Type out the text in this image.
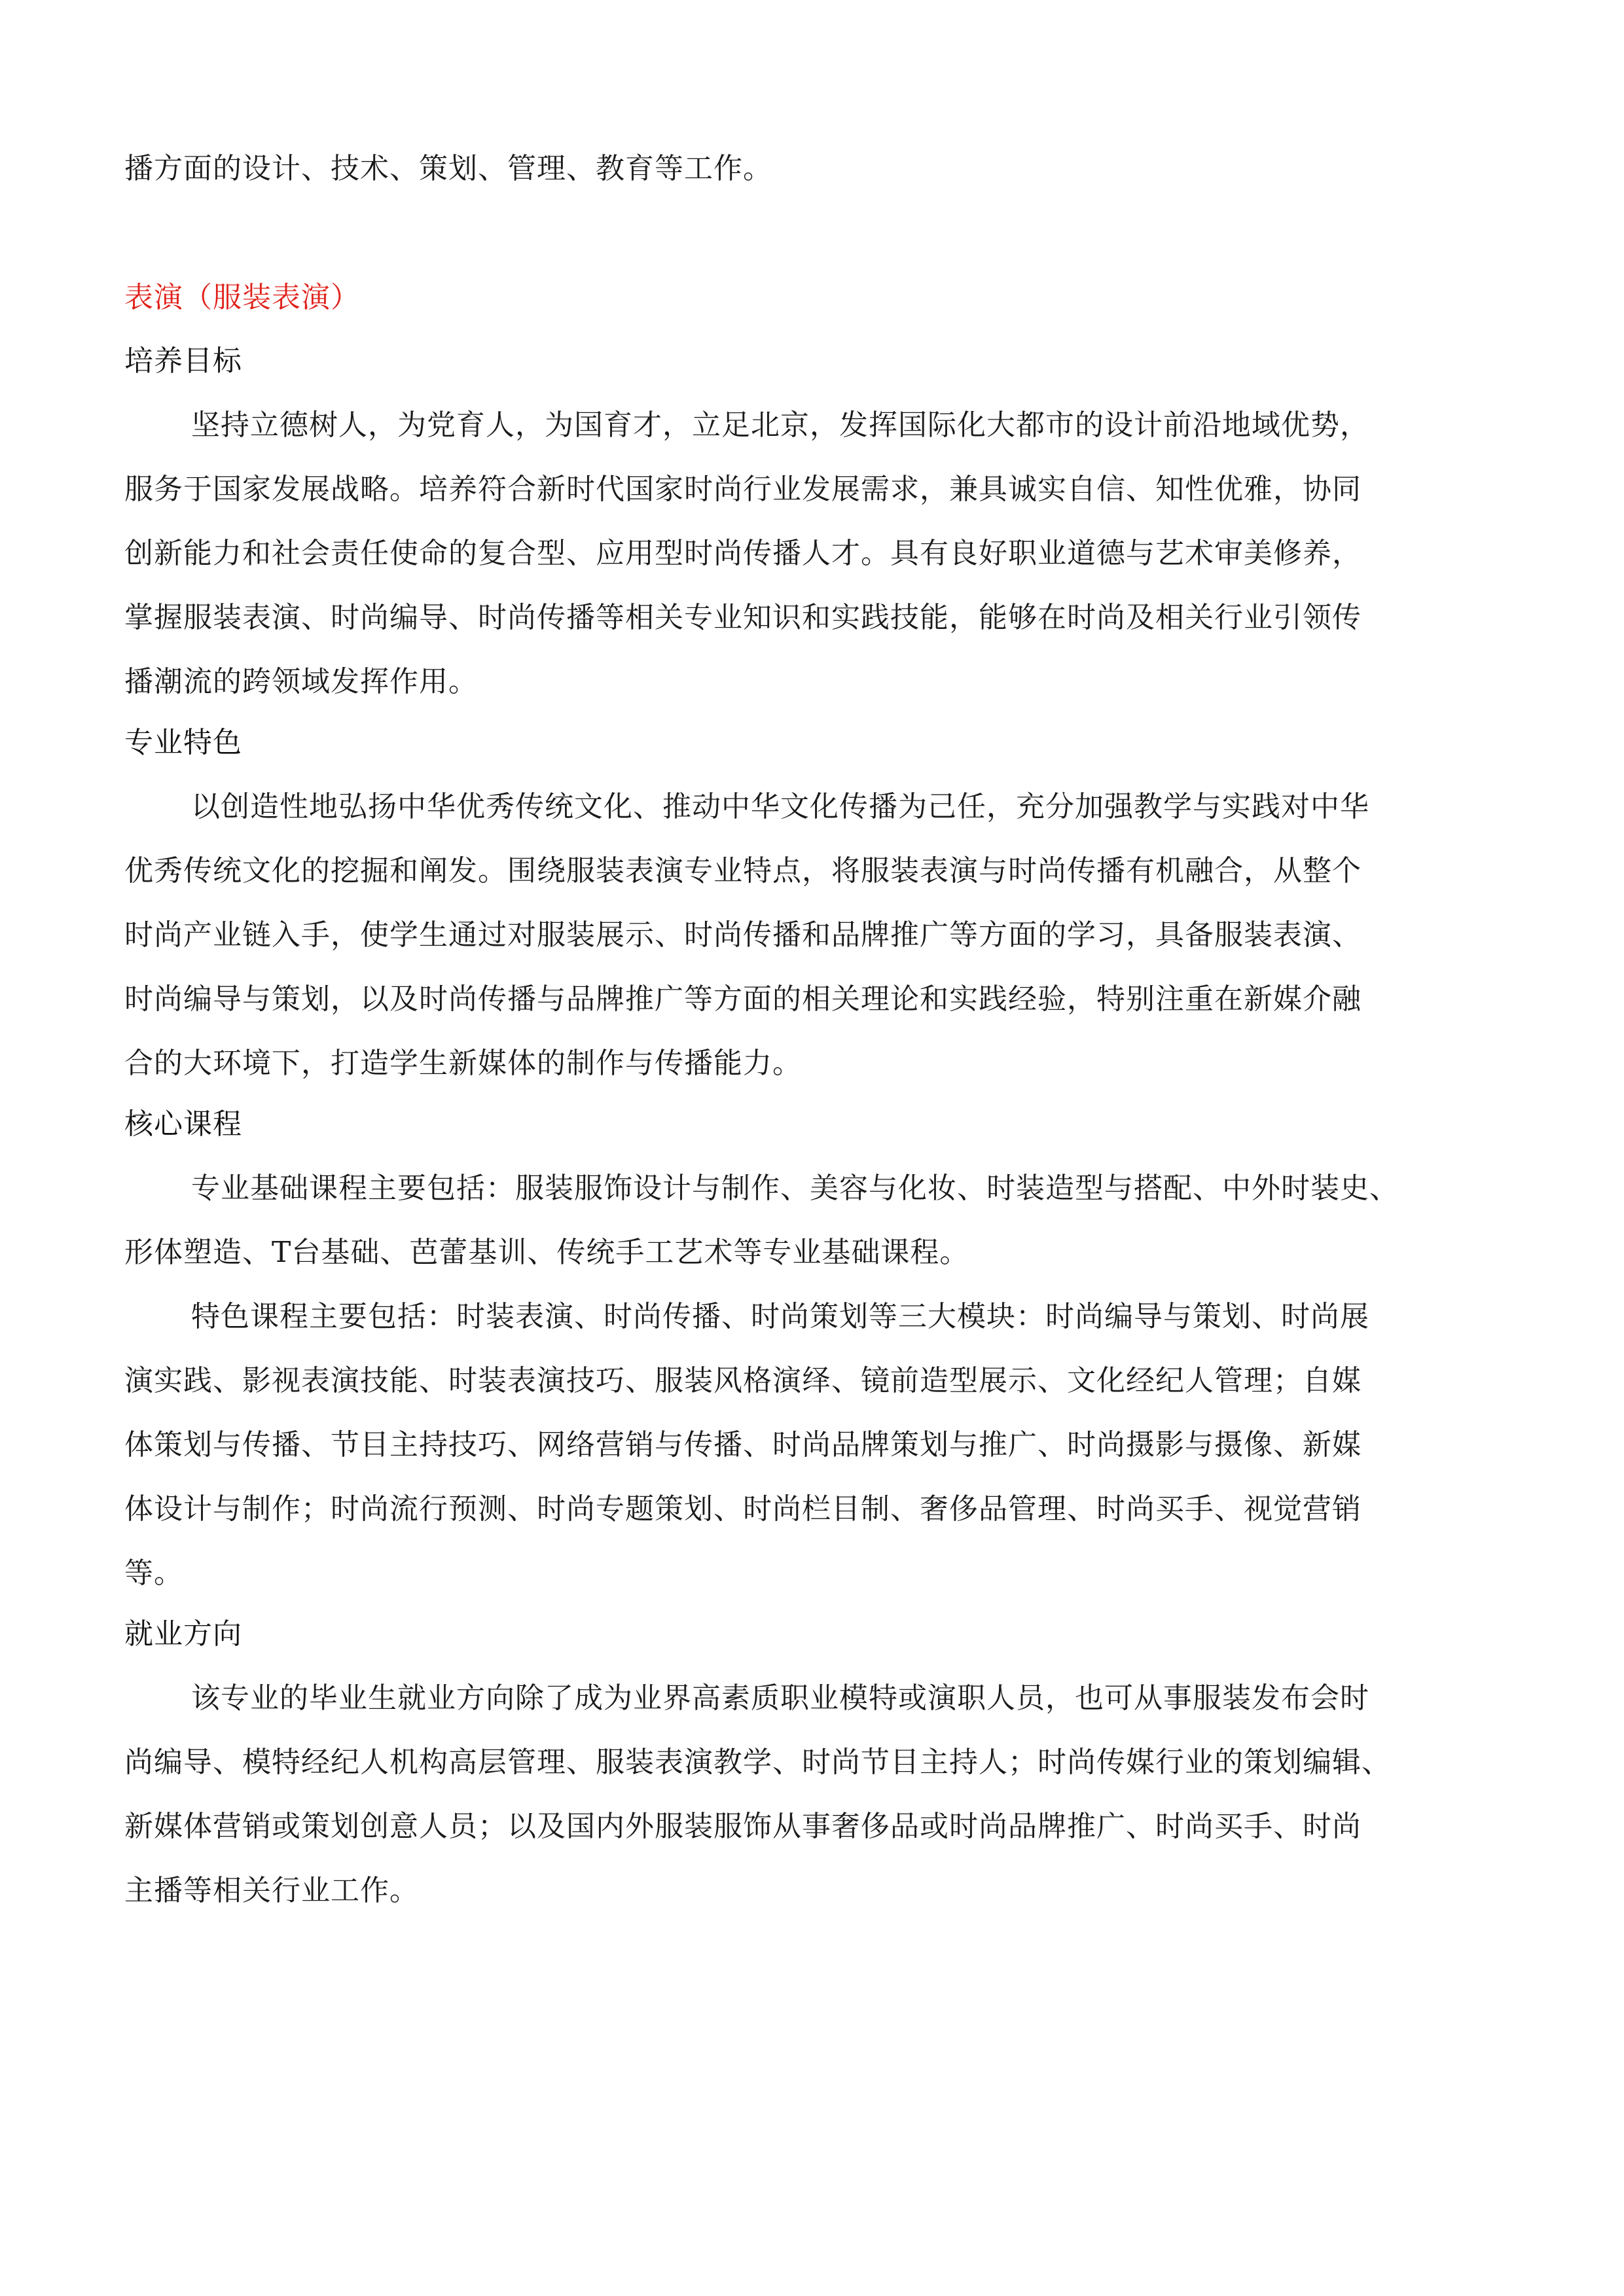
播方面的设计、技术、策划、管理、教育等工作。
表演（服装表演）
培养目标
坚持立德树人，为党育人，为国育才，立足北京，发挥国际化大都市的设计前沿地域优势，
服务于国家发展战略。培养符合新时代国家时尚行业发展需求，兼具诚实自信、知性优雅，协同
创新能力和社会责任使命的复合型、应用型时尚传播人才。具有良好职业道德与艺术审美修养，
掌握服装表演、时尚编导、时尚传播等相关专业知识和实践技能，能够在时尚及相关行业引领传
播潮流的跨领域发挥作用。
专业特色
以创造性地弘扬中华优秀传统文化、推动中华文化传播为己任，充分加强教学与实践对中华
优秀传统文化的挖掘和阐发。围绕服装表演专业特点，将服装表演与时尚传播有机融合，从整个
时尚产业链入手，使学生通过对服装展示、时尚传播和品牌推广等方面的学习，具备服装表演、
时尚编导与策划，以及时尚传播与品牌推广等方面的相关理论和实践经验，特别注重在新媒介融
合的大环境下，打造学生新媒体的制作与传播能力。
核心课程
专业基础课程主要包括：服装服饰设计与制作、美容与化妆、时装造型与搭配、中外时装史、
形体塑造、T台基础、芭蕾基训、传统手工艺术等专业基础课程。
特色课程主要包括：时装表演、时尚传播、时尚策划等三大模块：时尚编导与策划、时尚展
演实践、影视表演技能、时装表演技巧、服装风格演绎、镜前造型展示、文化经纪人管理；自媒
体策划与传播、节目主持技巧、网络营销与传播、时尚品牌策划与推广、时尚摄影与摄像、新媒
体设计与制作；时尚流行预测、时尚专题策划、时尚栏目制、奢侈品管理、时尚买手、视觉营销
等。
就业方向
该专业的毕业生就业方向除了成为业界高素质职业模特或演职人员，也可从事服装发布会时
尚编导、模特经纪人机构高层管理、服装表演教学、时尚节目主持人；时尚传媒行业的策划编辑、
新媒体营销或策划创意人员；以及国内外服装服饰从事奢侈品或时尚品牌推广、时尚买手、时尚
主播等相关行业工作。
